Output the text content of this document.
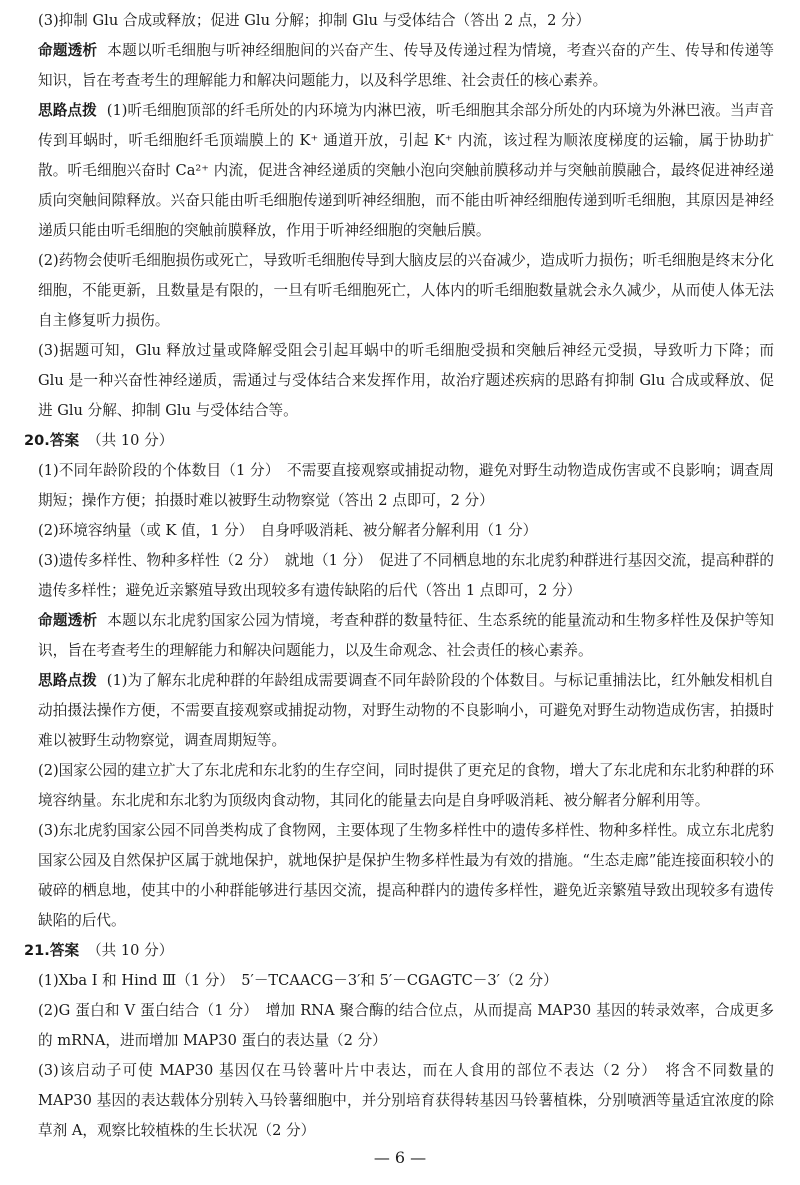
(3)抑制 Glu 合成或释放；促进 Glu 分解；抑制 Glu 与受体结合（答出 2 点，2 分）

命题透析 本题以听毛细胞与听神经细胞间的兴奋产生、传导及传递过程为情境，考查兴奋的产生、传导和传递等知识，旨在考查考生的理解能力和解决问题能力，以及科学思维、社会责任的核心素养。

思路点拨 (1)听毛细胞顶部的纤毛所处的内环境为内淋巴液，听毛细胞其余部分所处的内环境为外淋巴液。当声音传到耳蜗时，听毛细胞纤毛顶端膜上的 K⁺ 通道开放，引起 K⁺ 内流，该过程为顺浓度梯度的运输，属于协助扩散。听毛细胞兴奋时 Ca²⁺ 内流，促进含神经递质的突触小泡向突触前膜移动并与突触前膜融合，最终促进神经递质向突触间隙释放。兴奋只能由听毛细胞传递到听神经细胞，而不能由听神经细胞传递到听毛细胞，其原因是神经递质只能由听毛细胞的突触前膜释放，作用于听神经细胞的突触后膜。

(2)药物会使听毛细胞损伤或死亡，导致听毛细胞传导到大脑皮层的兴奋减少，造成听力损伤；听毛细胞是终末分化细胞，不能更新，且数量是有限的，一旦有听毛细胞死亡，人体内的听毛细胞数量就会永久减少，从而使人体无法自主修复听力损伤。

(3)据题可知，Glu 释放过量或降解受阻会引起耳蜗中的听毛细胞受损和突触后神经元受损，导致听力下降；而 Glu 是一种兴奋性神经递质，需通过与受体结合来发挥作用，故治疗题述疾病的思路有抑制 Glu 合成或释放、促进 Glu 分解、抑制 Glu 与受体结合等。

20.答案 （共 10 分）

(1)不同年龄阶段的个体数目（1 分）　不需要直接观察或捕捉动物，避免对野生动物造成伤害或不良影响；调查周期短；操作方便；拍摄时难以被野生动物察觉（答出 2 点即可，2 分）

(2)环境容纳量（或 K 值，1 分）　自身呼吸消耗、被分解者分解利用（1 分）

(3)遗传多样性、物种多样性（2 分）　就地（1 分）　促进了不同栖息地的东北虎豹种群进行基因交流，提高种群的遗传多样性；避免近亲繁殖导致出现较多有遗传缺陷的后代（答出 1 点即可，2 分）

命题透析 本题以东北虎豹国家公园为情境，考查种群的数量特征、生态系统的能量流动和生物多样性及保护等知识，旨在考查考生的理解能力和解决问题能力，以及生命观念、社会责任的核心素养。

思路点拨 (1)为了解东北虎种群的年龄组成需要调查不同年龄阶段的个体数目。与标记重捕法比，红外触发相机自动拍摄法操作方便，不需要直接观察或捕捉动物，对野生动物的不良影响小，可避免对野生动物造成伤害，拍摄时难以被野生动物察觉，调查周期短等。

(2)国家公园的建立扩大了东北虎和东北豹的生存空间，同时提供了更充足的食物，增大了东北虎和东北豹种群的环境容纳量。东北虎和东北豹为顶级肉食动物，其同化的能量去向是自身呼吸消耗、被分解者分解利用等。

(3)东北虎豹国家公园不同兽类构成了食物网，主要体现了生物多样性中的遗传多样性、物种多样性。成立东北虎豹国家公园及自然保护区属于就地保护，就地保护是保护生物多样性最为有效的措施。“生态走廊”能连接面积较小的破碎的栖息地，使其中的小种群能够进行基因交流，提高种群内的遗传多样性，避免近亲繁殖导致出现较多有遗传缺陷的后代。

21.答案 （共 10 分）

(1)Xba Ⅰ 和 Hind Ⅲ（1 分）　5′－TCAACG－3′和 5′－CGAGTC－3′（2 分）

(2)G 蛋白和 V 蛋白结合（1 分）　增加 RNA 聚合酶的结合位点，从而提高 MAP30 基因的转录效率，合成更多的 mRNA，进而增加 MAP30 蛋白的表达量（2 分）

(3)该启动子可使 MAP30 基因仅在马铃薯叶片中表达，而在人食用的部位不表达（2 分）　将含不同数量的 MAP30 基因的表达载体分别转入马铃薯细胞中，并分别培育获得转基因马铃薯植株，分别喷洒等量适宜浓度的除草剂 A，观察比较植株的生长状况（2 分）

— 6 —
